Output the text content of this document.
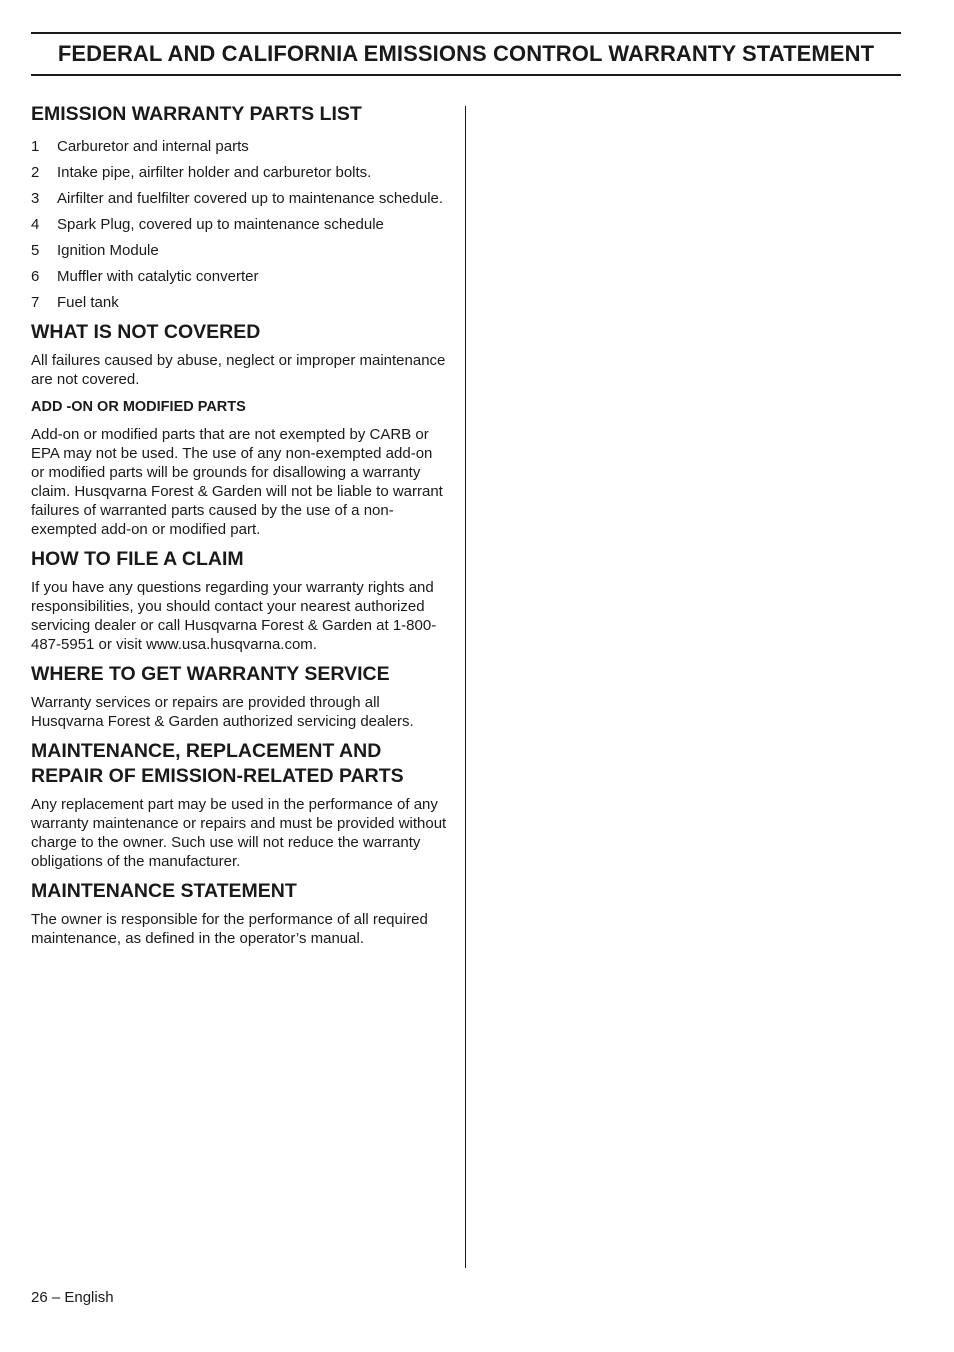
FEDERAL AND CALIFORNIA EMISSIONS CONTROL WARRANTY STATEMENT
EMISSION WARRANTY PARTS LIST
1	Carburetor and internal parts
2	Intake pipe, airfilter holder and carburetor bolts.
3	Airfilter and fuelfilter covered up to maintenance schedule.
4	Spark Plug, covered up to maintenance schedule
5	Ignition Module
6	Muffler with catalytic converter
7	Fuel tank
WHAT IS NOT COVERED

All failures caused by abuse, neglect or improper maintenance are not covered.

ADD -ON OR MODIFIED PARTS

Add-on or modified parts that are not exempted by CARB or EPA may not be used. The use of any non-exempted add-on or modified parts will be grounds for disallowing a warranty claim. Husqvarna Forest & Garden will not be liable to warrant failures of warranted parts caused by the use of a non-exempted add-on or modified part.

HOW TO FILE A CLAIM

If you have any questions regarding your warranty rights and responsibilities, you should contact your nearest authorized servicing dealer or call Husqvarna Forest & Garden at 1-800-487-5951 or visit www.usa.husqvarna.com.

WHERE TO GET WARRANTY SERVICE

Warranty services or repairs are provided through all Husqvarna Forest & Garden authorized servicing dealers.

MAINTENANCE, REPLACEMENT AND REPAIR OF EMISSION-RELATED PARTS

Any replacement part may be used in the performance of any warranty maintenance or repairs and must be provided without charge to the owner. Such use will not reduce the warranty obligations of the manufacturer.

MAINTENANCE STATEMENT

The owner is responsible for the performance of all required maintenance, as defined in the operator’s manual.

26 – English
